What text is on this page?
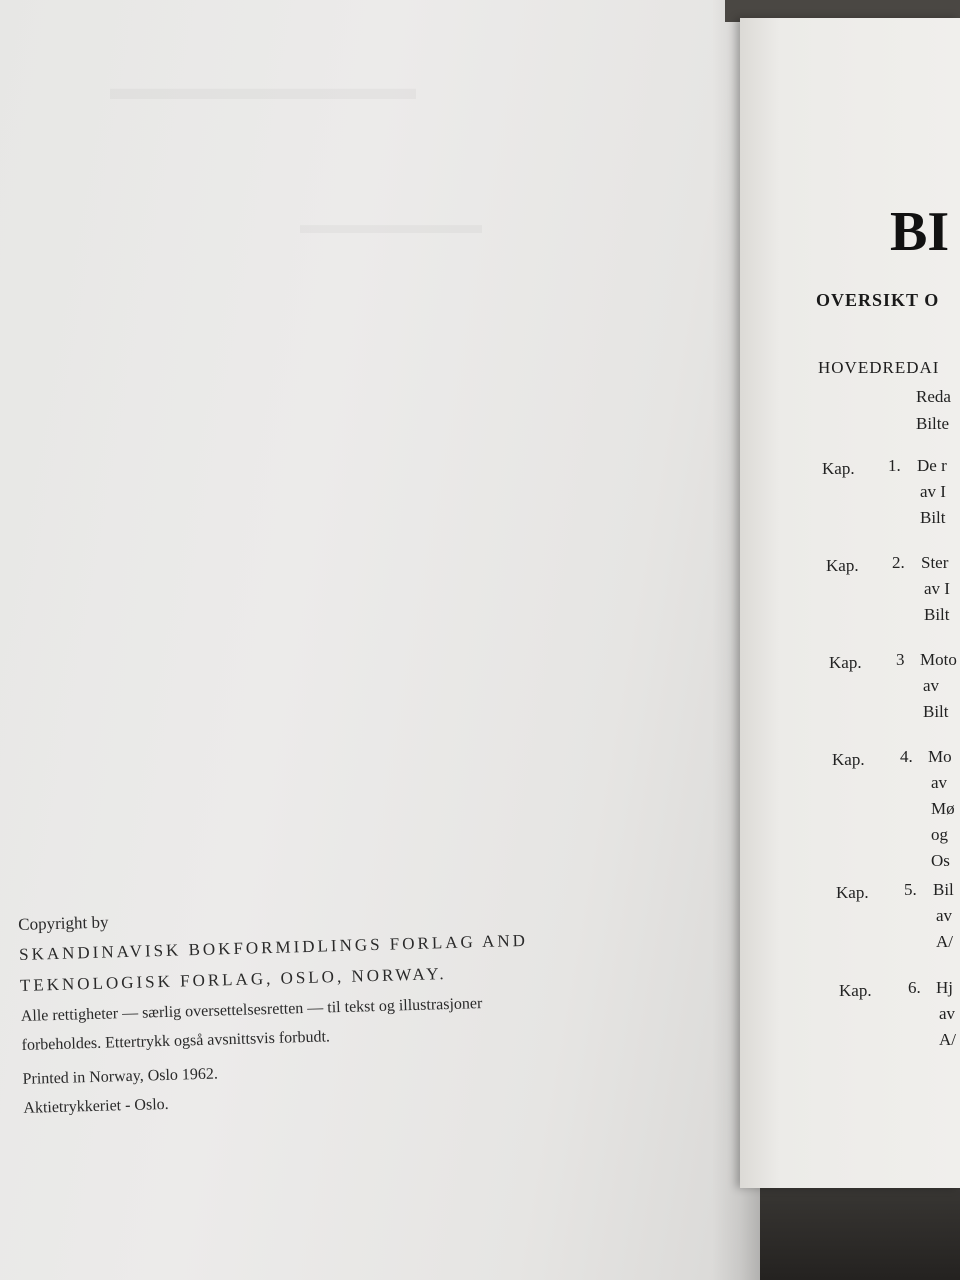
▬▬▬▬▬▬▬▬▬
▬▬▬▬▬▬▬
Copyright by
SKANDINAVISK BOKFORMIDLINGS FORLAG AND
TEKNOLOGISK FORLAG, OSLO, NORWAY.
Alle rettigheter — særlig oversettelsesretten — til tekst og illustrasjoner
forbeholdes. Ettertrykk også avsnittsvis forbudt.
Printed in Norway, Oslo 1962.
Aktietrykkeriet - Oslo.
BI
OVERSIKT O
HOVEDREDAI
Reda
Bilte
Kap. 1. De r
av I
Bilt
Kap. 2. Ster
av I
Bilt
Kap. 3 Moto
av
Bilt
Kap. 4. Mo
av
Mø
og
Os
Kap. 5. Bil
av
A/
Kap. 6. Hj
av
A/
